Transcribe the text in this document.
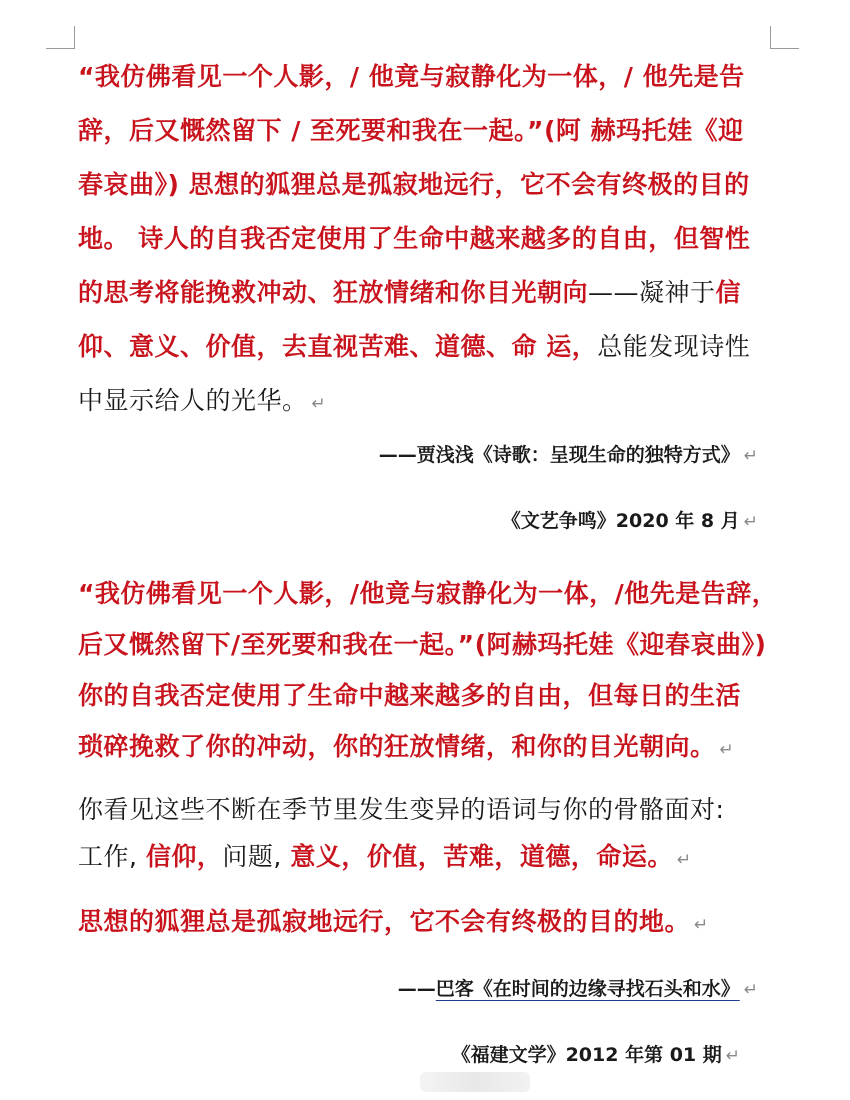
“我仿佛看见一个人影，/ 他竟与寂静化为一体，/ 他先是告
辞，后又慨然留下 / 至死要和我在一起。”(阿 赫玛托娃《迎
春哀曲》) 思想的狐狸总是孤寂地远行，它不会有终极的目的
地。 诗人的自我否定使用了生命中越来越多的自由，但智性
的思考将能挽救冲动、狂放情绪和你目光朝向——凝神于信
仰、意义、价值，去直视苦难、道德、命 运，总能发现诗性
中显示给人的光华。 ↵
——贾浅浅《诗歌：呈现生命的独特方式》 ↵
《文艺争鸣》2020 年 8 月 ↵
“我仿佛看见一个人影，/他竟与寂静化为一体，/他先是告辞，
后又慨然留下/至死要和我在一起。”(阿赫玛托娃《迎春哀曲》)
你的自我否定使用了生命中越来越多的自由，但每日的生活
琐碎挽救了你的冲动，你的狂放情绪，和你的目光朝向。 ↵
你看见这些不断在季节里发生变异的语词与你的骨骼面对:
工作, 信仰，问题, 意义，价值，苦难，道德，命运。 ↵
思想的狐狸总是孤寂地远行，它不会有终极的目的地。 ↵
——巴客《在时间的边缘寻找石头和水》 ↵
《福建文学》2012 年第 01 期 ↵
